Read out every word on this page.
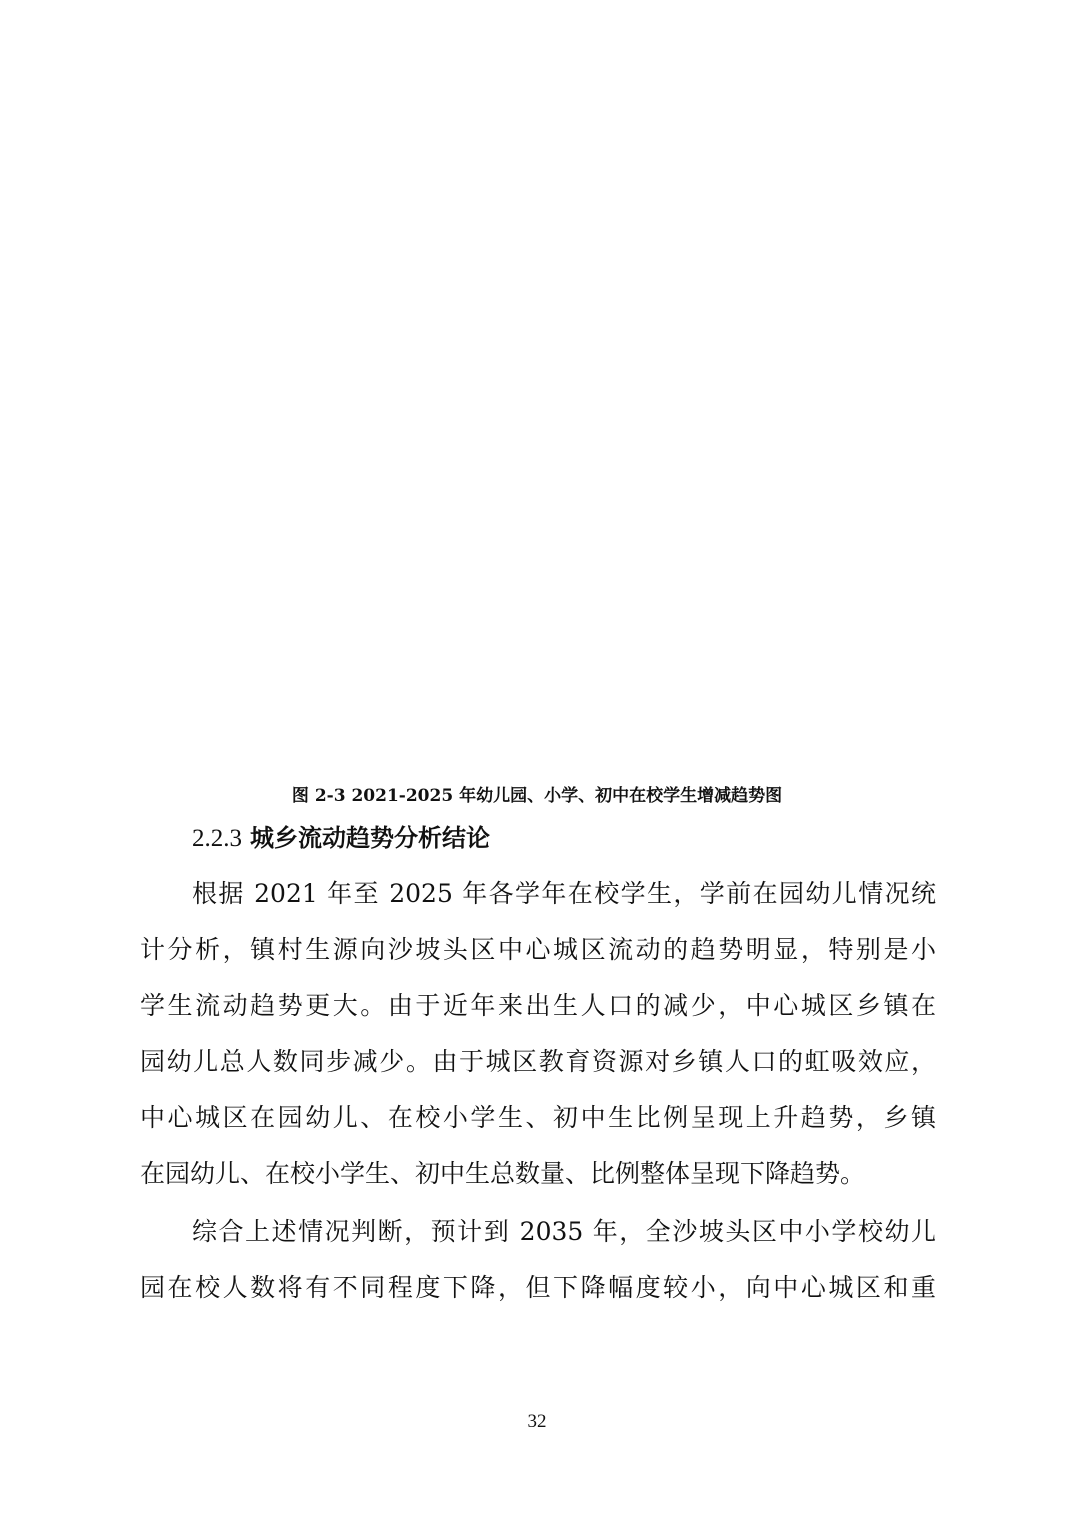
图 2-3 2021-2025 年幼儿园、小学、初中在校学生增减趋势图
2.2.3 城乡流动趋势分析结论
根据 2021 年至 2025 年各学年在校学生，学前在园幼儿情况统
计分析，镇村生源向沙坡头区中心城区流动的趋势明显，特别是小
学生流动趋势更大。由于近年来出生人口的减少，中心城区乡镇在
园幼儿总人数同步减少。由于城区教育资源对乡镇人口的虹吸效应，
中心城区在园幼儿、在校小学生、初中生比例呈现上升趋势，乡镇
在园幼儿、在校小学生、初中生总数量、比例整体呈现下降趋势。
综合上述情况判断，预计到 2035 年，全沙坡头区中小学校幼儿
园在校人数将有不同程度下降，但下降幅度较小，向中心城区和重
32
